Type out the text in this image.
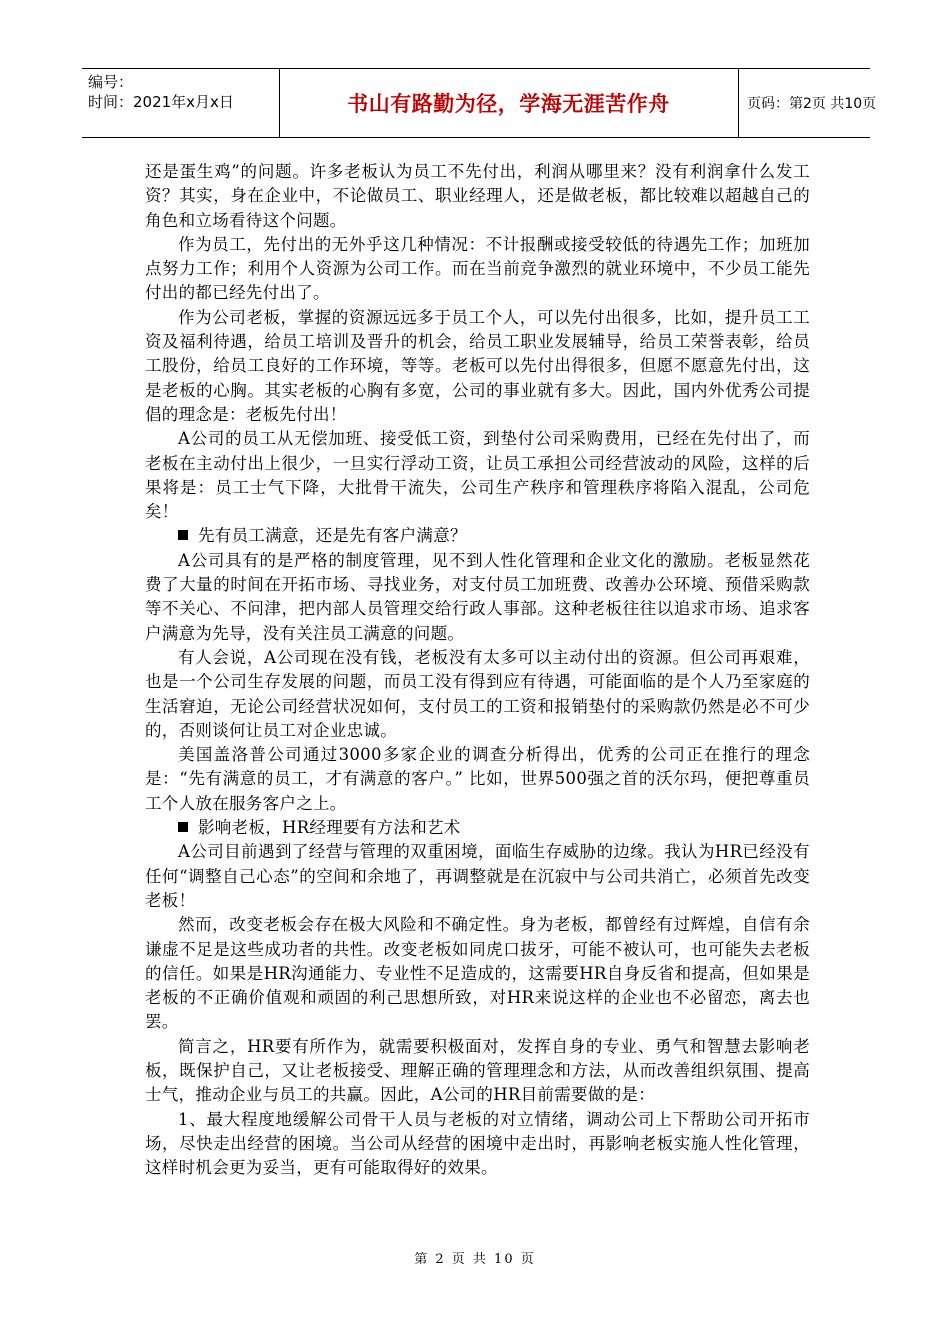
编号：
时间：2021年x月x日	书山有路勤为径，学海无涯苦作舟	页码：第2页 共10页

还是蛋生鸡”的问题。许多老板认为员工不先付出，利润从哪里来？没有利润拿什么发工资？其实，身在企业中，不论做员工、职业经理人，还是做老板，都比较难以超越自己的角色和立场看待这个问题。

作为员工，先付出的无外乎这几种情况：不计报酬或接受较低的待遇先工作；加班加点努力工作；利用个人资源为公司工作。而在当前竞争激烈的就业环境中，不少员工能先付出的都已经先付出了。

作为公司老板，掌握的资源远远多于员工个人，可以先付出很多，比如，提升员工工资及福利待遇，给员工培训及晋升的机会，给员工职业发展辅导，给员工荣誉表彰，给员工股份，给员工良好的工作环境，等等。老板可以先付出得很多，但愿不愿意先付出，这是老板的心胸。其实老板的心胸有多宽，公司的事业就有多大。因此，国内外优秀公司提倡的理念是：老板先付出！

A公司的员工从无偿加班、接受低工资，到垫付公司采购费用，已经在先付出了，而老板在主动付出上很少，一旦实行浮动工资，让员工承担公司经营波动的风险，这样的后果将是：员工士气下降，大批骨干流失，公司生产秩序和管理秩序将陷入混乱，公司危矣！

先有员工满意，还是先有客户满意？

A公司具有的是严格的制度管理，见不到人性化管理和企业文化的激励。老板显然花费了大量的时间在开拓市场、寻找业务，对支付员工加班费、改善办公环境、预借采购款等不关心、不问津，把内部人员管理交给行政人事部。这种老板往往以追求市场、追求客户满意为先导，没有关注员工满意的问题。

有人会说，A公司现在没有钱，老板没有太多可以主动付出的资源。但公司再艰难，也是一个公司生存发展的问题，而员工没有得到应有待遇，可能面临的是个人乃至家庭的生活窘迫，无论公司经营状况如何，支付员工的工资和报销垫付的采购款仍然是必不可少的，否则谈何让员工对企业忠诚。

美国盖洛普公司通过3000多家企业的调查分析得出，优秀的公司正在推行的理念是：“先有满意的员工，才有满意的客户。” 比如，世界500强之首的沃尔玛，便把尊重员工个人放在服务客户之上。

影响老板，HR经理要有方法和艺术

A公司目前遇到了经营与管理的双重困境，面临生存威胁的边缘。我认为HR已经没有任何“调整自己心态”的空间和余地了，再调整就是在沉寂中与公司共消亡，必须首先改变老板！

然而，改变老板会存在极大风险和不确定性。身为老板，都曾经有过辉煌，自信有余谦虚不足是这些成功者的共性。改变老板如同虎口拔牙，可能不被认可，也可能失去老板的信任。如果是HR沟通能力、专业性不足造成的，这需要HR自身反省和提高，但如果是老板的不正确价值观和顽固的利己思想所致，对HR来说这样的企业也不必留恋，离去也罢。

简言之，HR要有所作为，就需要积极面对，发挥自身的专业、勇气和智慧去影响老板，既保护自己，又让老板接受、理解正确的管理理念和方法，从而改善组织氛围、提高士气，推动企业与员工的共赢。因此，A公司的HR目前需要做的是：

1、最大程度地缓解公司骨干人员与老板的对立情绪，调动公司上下帮助公司开拓市场，尽快走出经营的困境。当公司从经营的困境中走出时，再影响老板实施人性化管理，这样时机会更为妥当，更有可能取得好的效果。

第 2 页 共 10 页
